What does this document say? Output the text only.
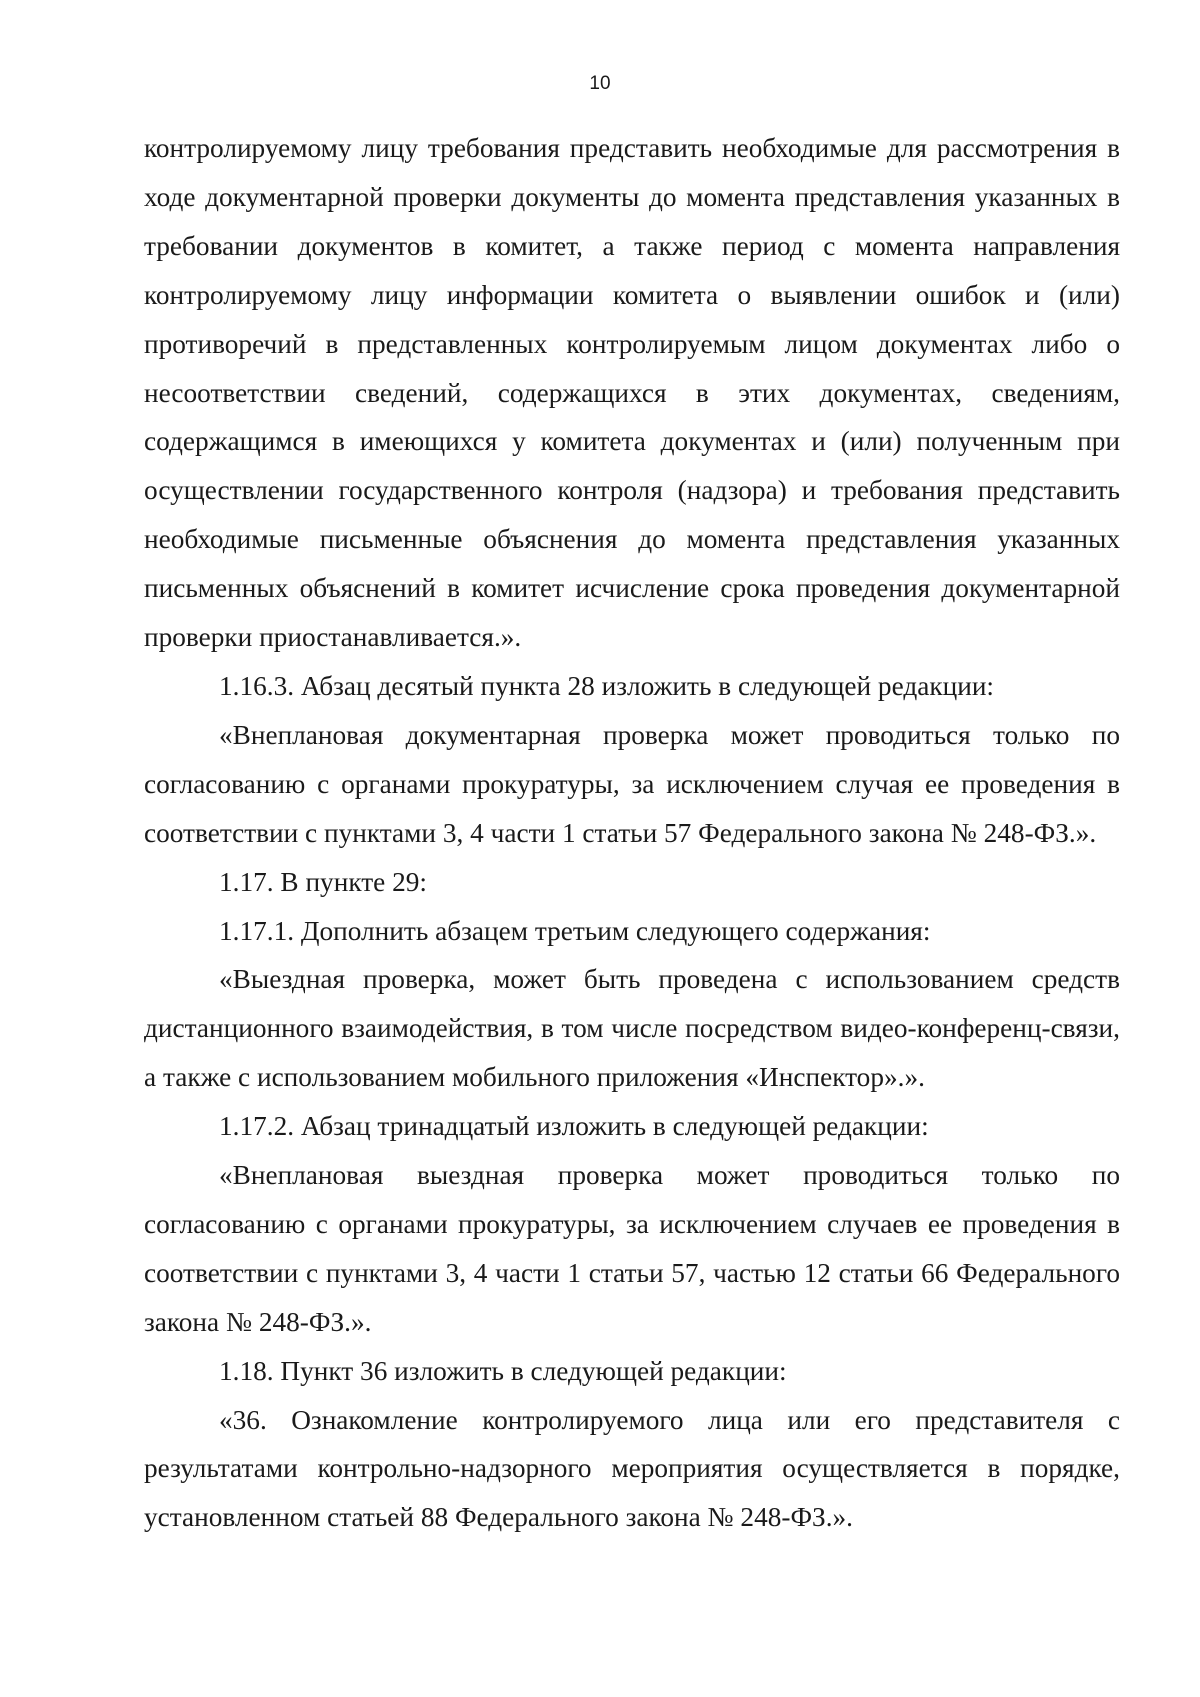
10

контролируемому лицу требования представить необходимые для рассмотрения в ходе документарной проверки документы до момента представления указанных в требовании документов в комитет, а также период с момента направления контролируемому лицу информации комитета о выявлении ошибок и (или) противоречий в представленных контролируемым лицом документах либо о несоответствии сведений, содержащихся в этих документах, сведениям, содержащимся в имеющихся у комитета документах и (или) полученным при осуществлении государственного контроля (надзора) и требования представить необходимые письменные объяснения до момента представления указанных письменных объяснений в комитет исчисление срока проведения документарной проверки приостанавливается.».

1.16.3. Абзац десятый пункта 28 изложить в следующей редакции:

«Внеплановая документарная проверка может проводиться только по согласованию с органами прокуратуры, за исключением случая ее проведения в соответствии с пунктами 3, 4 части 1 статьи 57 Федерального закона № 248-ФЗ.».

1.17. В пункте 29:

1.17.1. Дополнить абзацем третьим следующего содержания:

«Выездная проверка, может быть проведена с использованием средств дистанционного взаимодействия, в том числе посредством видео-конференц-связи, а также с использованием мобильного приложения «Инспектор».».

1.17.2. Абзац тринадцатый изложить в следующей редакции:

«Внеплановая выездная проверка может проводиться только по согласованию с органами прокуратуры, за исключением случаев ее проведения в соответствии с пунктами 3, 4 части 1 статьи 57, частью 12 статьи 66 Федерального закона № 248-ФЗ.».

1.18. Пункт 36 изложить в следующей редакции:

«36. Ознакомление контролируемого лица или его представителя с результатами контрольно-надзорного мероприятия осуществляется в порядке, установленном статьей 88 Федерального закона № 248-ФЗ.».
